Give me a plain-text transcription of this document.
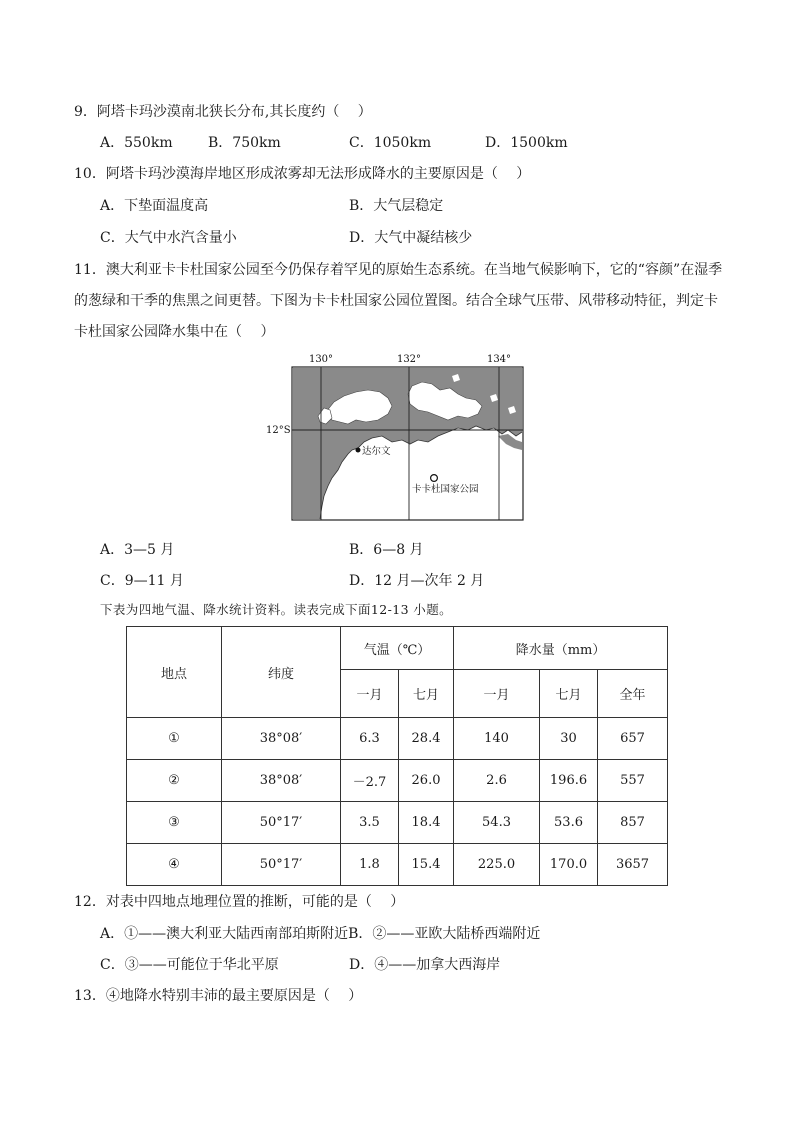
9．阿塔卡玛沙漠南北狭长分布,其长度约（　 ）
A．550km	B．750km	C．1050km	D．1500km
10．阿塔卡玛沙漠海岸地区形成浓雾却无法形成降水的主要原因是（　 ）
A．下垫面温度高	B．大气层稳定
C．大气中水汽含量小	D．大气中凝结核少
11．澳大利亚卡卡杜国家公园至今仍保存着罕见的原始生态系统。在当地气候影响下，它的“容颜”在湿季
的葱绿和干季的焦黑之间更替。下图为卡卡杜国家公园位置图。结合全球气压带、风带移动特征，判定卡
卡杜国家公园降水集中在（　 ）
130°	132°	134°
12°S
达尔文
卡卡杜国家公园
A．3—5 月	B．6—8 月
C．9—11 月	D．12 月—次年 2 月
下表为四地气温、降水统计资料。读表完成下面12-13 小题。
地点	纬度	气温（℃）		降水量（mm）		
		一月	七月	一月	七月	全年
①	38°08′	6.3	28.4	140	30	657
②	38°08′	－2.7	26.0	2.6	196.6	557
③	50°17′	3.5	18.4	54.3	53.6	857
④	50°17′	1.8	15.4	225.0	170.0	3657
12．对表中四地点地理位置的推断，可能的是（　 ）
A．①——澳大利亚大陆西南部珀斯附近B．②——亚欧大陆桥西端附近
C．③——可能位于华北平原	D．④——加拿大西海岸
13．④地降水特别丰沛的最主要原因是（　 ）
